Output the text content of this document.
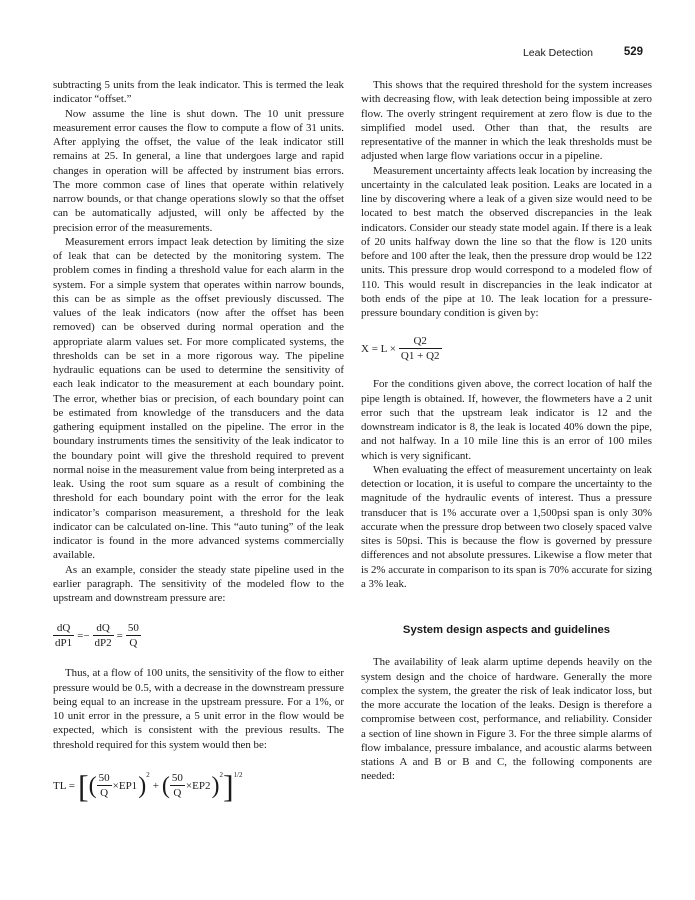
Leak Detection	529

subtracting 5 units from the leak indicator. This is termed the leak indicator “offset.”

Now assume the line is shut down. The 10 unit pressure measurement error causes the flow to compute a flow of 31 units. After applying the offset, the value of the leak indicator still remains at 25. In general, a line that undergoes large and rapid changes in operation will be affected by instrument bias errors. The more common case of lines that operate within relatively narrow bounds, or that change operations slowly so that the offset can be automatically adjusted, will only be affected by the precision error of the measurements.

Measurement errors impact leak detection by limiting the size of leak that can be detected by the monitoring system. The problem comes in finding a threshold value for each alarm in the system. For a simple system that operates within narrow bounds, this can be as simple as the offset previously discussed. The values of the leak indicators (now after the offset has been removed) can be observed during normal operation and the appropriate alarm values set. For more complicated systems, the thresholds can be set in a more rigorous way. The pipeline hydraulic equations can be used to determine the sensitivity of each leak indicator to the measurement at each boundary point. The error, whether bias or precision, of each boundary point can be estimated from knowledge of the transducers and the data gathering equipment installed on the pipeline. The error in the boundary instruments times the sensitivity of the leak indicator to the boundary point will give the threshold required to prevent normal noise in the measurement value from being interpreted as a leak. Using the root sum square as a result of combining the threshold for each boundary point with the error for the leak indicator’s comparison measurement, a threshold for the leak indicator can be calculated on-line. This “auto tuning” of the leak indicator is found in the more advanced systems commercially available.

As an example, consider the steady state pipeline used in the earlier paragraph. The sensitivity of the modeled flow to the upstream and downstream pressure are:

$\frac{dQ}{dP1} =- \frac{dQ}{dP2} = \frac{50}{Q}$

Thus, at a flow of 100 units, the sensitivity of the flow to either pressure would be 0.5, with a decrease in the downstream pressure being equal to an increase in the upstream pressure. For a 1%, or 10 unit error in the pressure, a 5 unit error in the flow would be expected, which is consistent with the previous results. The threshold required for this system would then be:

TL =[( $\frac{50}{Q} \times EP1)^2+$ ( $\frac{50}{Q} \times EP2)^2]^{1/2}$

This shows that the required threshold for the system increases with decreasing flow, with leak detection being impossible at zero flow. The overly stringent requirement at zero flow is due to the simplified model used. Other than that, the results are representative of the manner in which the leak thresholds must be adjusted when large flow variations occur in a pipeline.

Measurement uncertainty affects leak location by increasing the uncertainty in the calculated leak position. Leaks are located in a line by discovering where a leak of a given size would need to be located to best match the observed discrepancies in the leak indicators. Consider our steady state model again. If there is a leak of 20 units halfway down the line so that the flow is 120 units before and 100 after the leak, then the pressure drop would be 122 units. This pressure drop would correspond to a modeled flow of 110. This would result in discrepancies in the leak indicator at both ends of the pipe at 10. The leak location for a pressure-pressure boundary condition is given by:

$X = L \times \frac{Q2}{Q1 + Q2}$

For the conditions given above, the correct location of half the pipe length is obtained. If, however, the flowmeters have a 2 unit error such that the upstream leak indicator is 12 and the downstream indicator is 8, the leak is located 40% down the pipe, and not halfway. In a 10 mile line this is an error of 100 miles which is very significant.

When evaluating the effect of measurement uncertainty on leak detection or location, it is useful to compare the uncertainty to the magnitude of the hydraulic events of interest. Thus a pressure transducer that is 1% accurate over a 1,500psi span is only 30% accurate when the pressure drop between two closely spaced valve sites is 50psi. This is because the flow is governed by pressure differences and not absolute pressures. Likewise a flow meter that is 2% accurate in comparison to its span is 70% accurate for sizing a 3% leak.

System design aspects and guidelines

The availability of leak alarm uptime depends heavily on the system design and the choice of hardware. Generally the more complex the system, the greater the risk of leak indicator loss, but the more accurate the location of the leaks. Design is therefore a compromise between cost, performance, and reliability. Consider a section of line shown in Figure 3. For the three simple alarms of flow imbalance, pressure imbalance, and acoustic alarms between stations A and B or B and C, the following components are needed:
